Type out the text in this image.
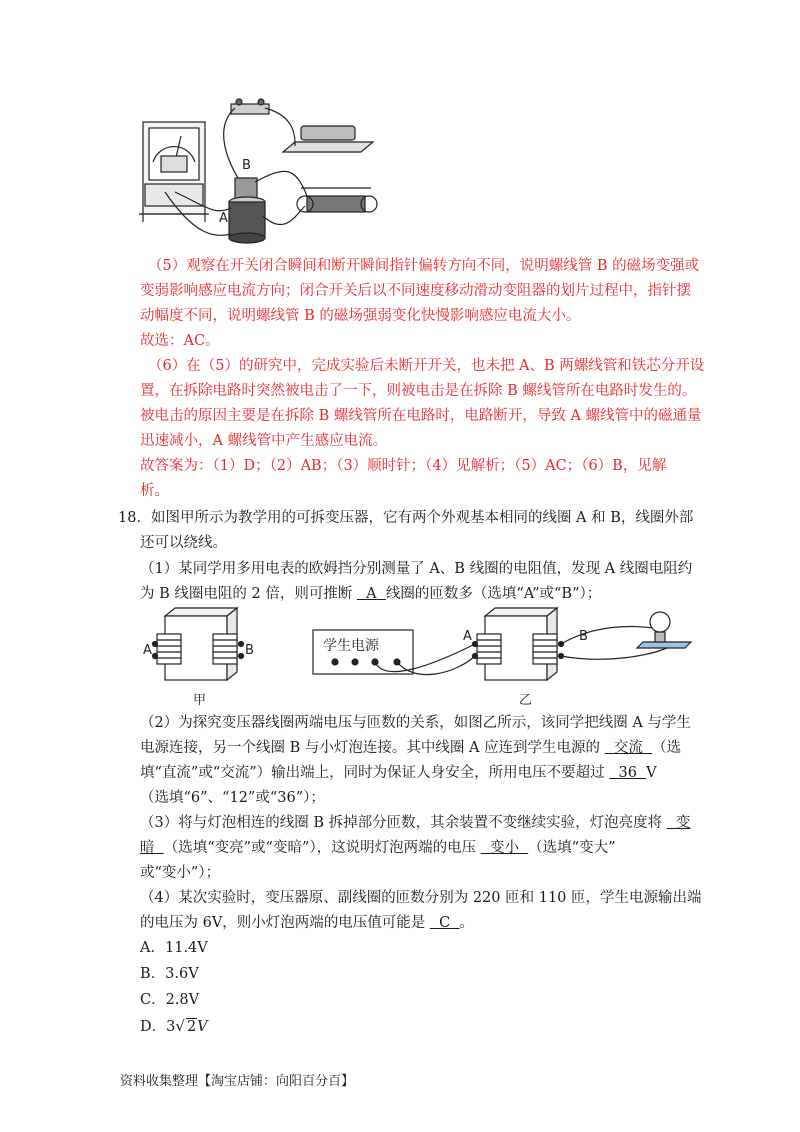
B
A
（5）观察在开关闭合瞬间和断开瞬间指针偏转方向不同，说明螺线管 B 的磁场变强或
变弱影响感应电流方向；闭合开关后以不同速度移动滑动变阻器的划片过程中，指针摆
动幅度不同，说明螺线管 B 的磁场强弱变化快慢影响感应电流大小。
故选：AC。
（6）在（5）的研究中，完成实验后未断开开关，也未把 A、B 两螺线管和铁芯分开设
置，在拆除电路时突然被电击了一下，则被电击是在拆除 B 螺线管所在电路时发生的。
被电击的原因主要是在拆除 B 螺线管所在电路时，电路断开，导致 A 螺线管中的磁通量
迅速减小，A 螺线管中产生感应电流。
故答案为：（1）D；（2）AB；（3）顺时针；（4）见解析；（5）AC；（6）B，见解
析。
18．如图甲所示为教学用的可拆变压器，它有两个外观基本相同的线圈 A 和 B，线圈外部
还可以绕线。
（1）某同学用多用电表的欧姆挡分别测量了 A、B 线圈的电阻值，发现 A 线圈电阻约
为 B 线圈电阻的 2 倍，则可推断 A 线圈的匝数多（选填“A”或“B”）；
A	B	学生电源
A	B
甲	乙
（2）为探究变压器线圈两端电压与匝数的关系，如图乙所示，该同学把线圈 A 与学生
电源连接，另一个线圈 B 与小灯泡连接。其中线圈 A 应连到学生电源的 交流 （选
填“直流”或“交流”）输出端上，同时为保证人身安全，所用电压不要超过 36 V
（选填“6”、“12”或“36”）；
（3）将与灯泡相连的线圈 B 拆掉部分匝数，其余装置不变继续实验，灯泡亮度将 变
暗 （选填“变亮”或“变暗”），这说明灯泡两端的电压 变小 （选填“变大”
或“变小”）；
（4）某次实验时，变压器原、副线圈的匝数分别为 220 匝和 110 匝，学生电源输出端
的电压为 6V，则小灯泡两端的电压值可能是 C 。
A．11.4V
B．3.6V
C．2.8V
D．3√ 2V
资料收集整理【淘宝店铺：向阳百分百】
